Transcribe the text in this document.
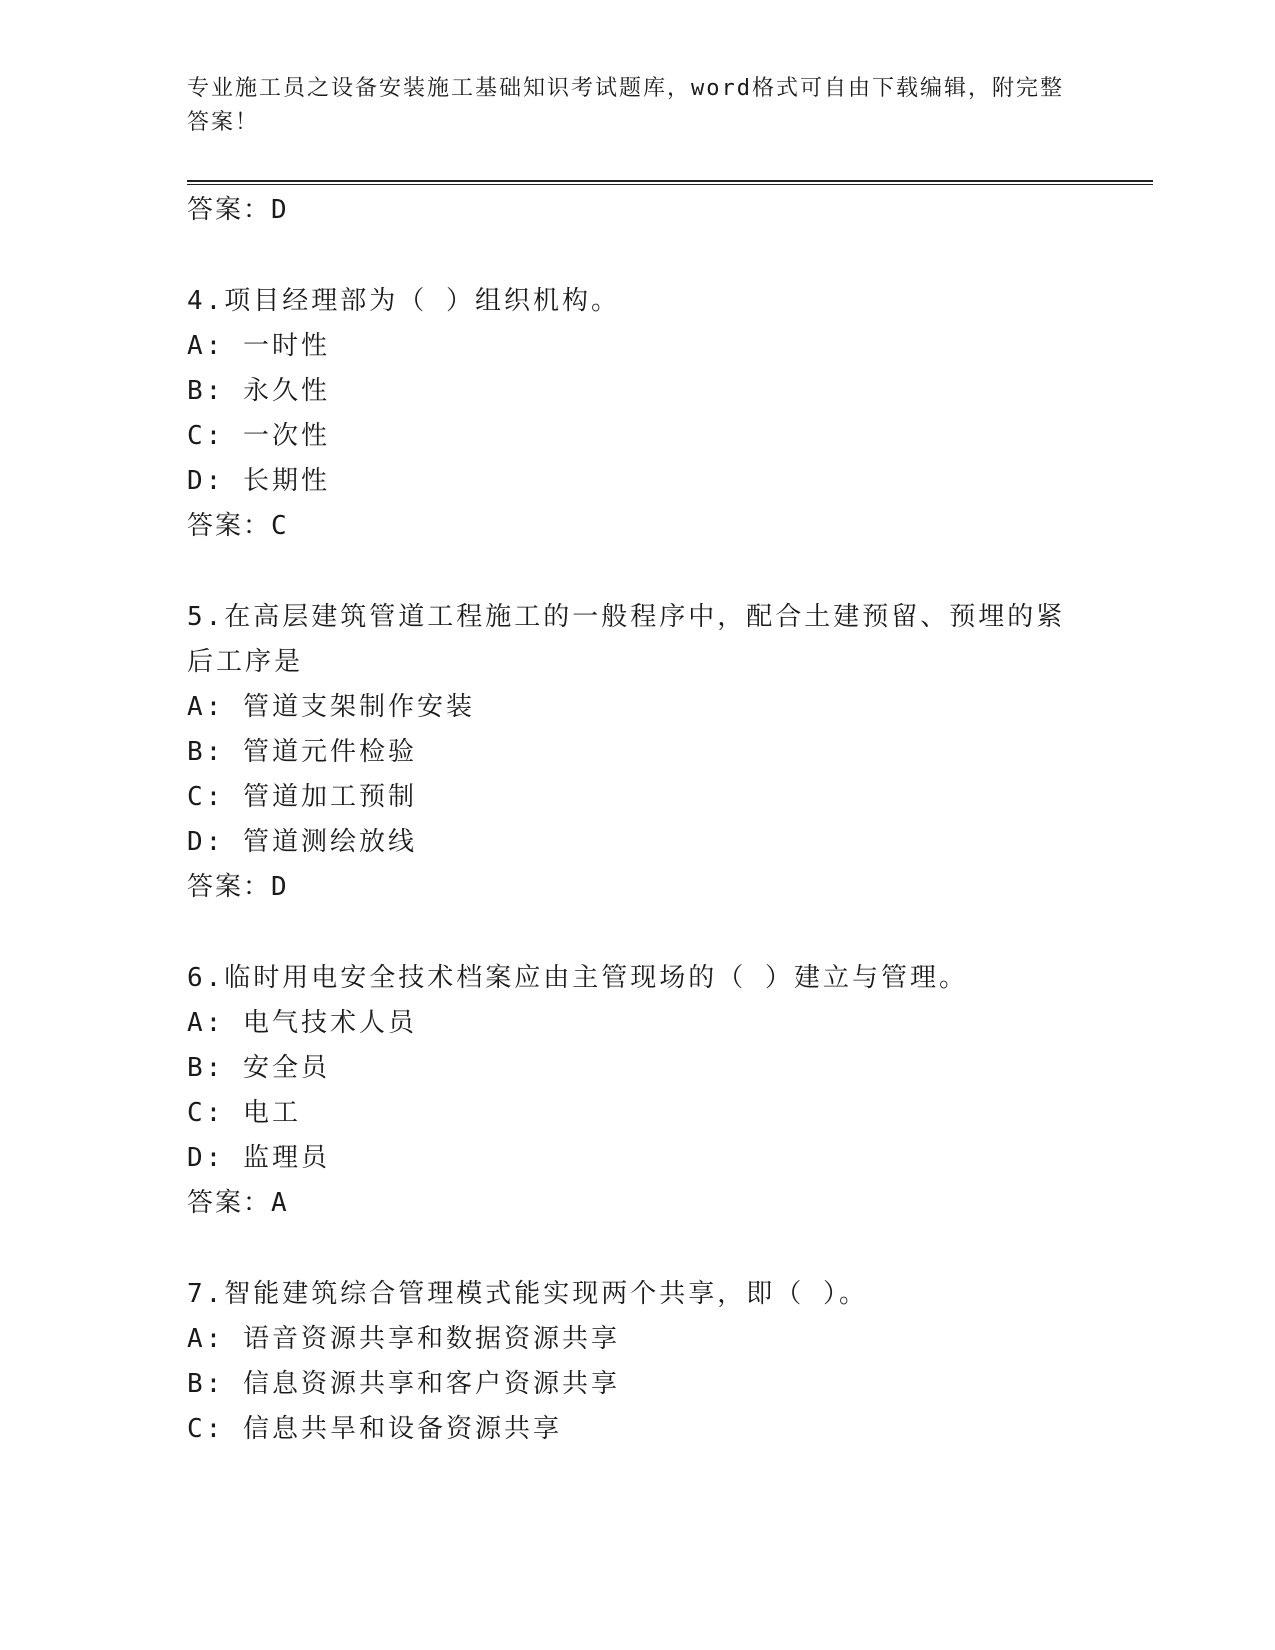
专业施工员之设备安装施工基础知识考试题库，word格式可自由下载编辑，附完整答案！
答案：D
4.项目经理部为（ ）组织机构。
A: 一时性
B: 永久性
C: 一次性
D: 长期性
答案：C
5.在高层建筑管道工程施工的一般程序中，配合土建预留、预埋的紧后工序是
A: 管道支架制作安装
B: 管道元件检验
C: 管道加工预制
D: 管道测绘放线
答案：D
6.临时用电安全技术档案应由主管现场的（ ）建立与管理。
A: 电气技术人员
B: 安全员
C: 电工
D: 监理员
答案：A
7.智能建筑综合管理模式能实现两个共享，即（ ）。
A: 语音资源共享和数据资源共享
B: 信息资源共享和客户资源共享
C: 信息共旱和设备资源共享
